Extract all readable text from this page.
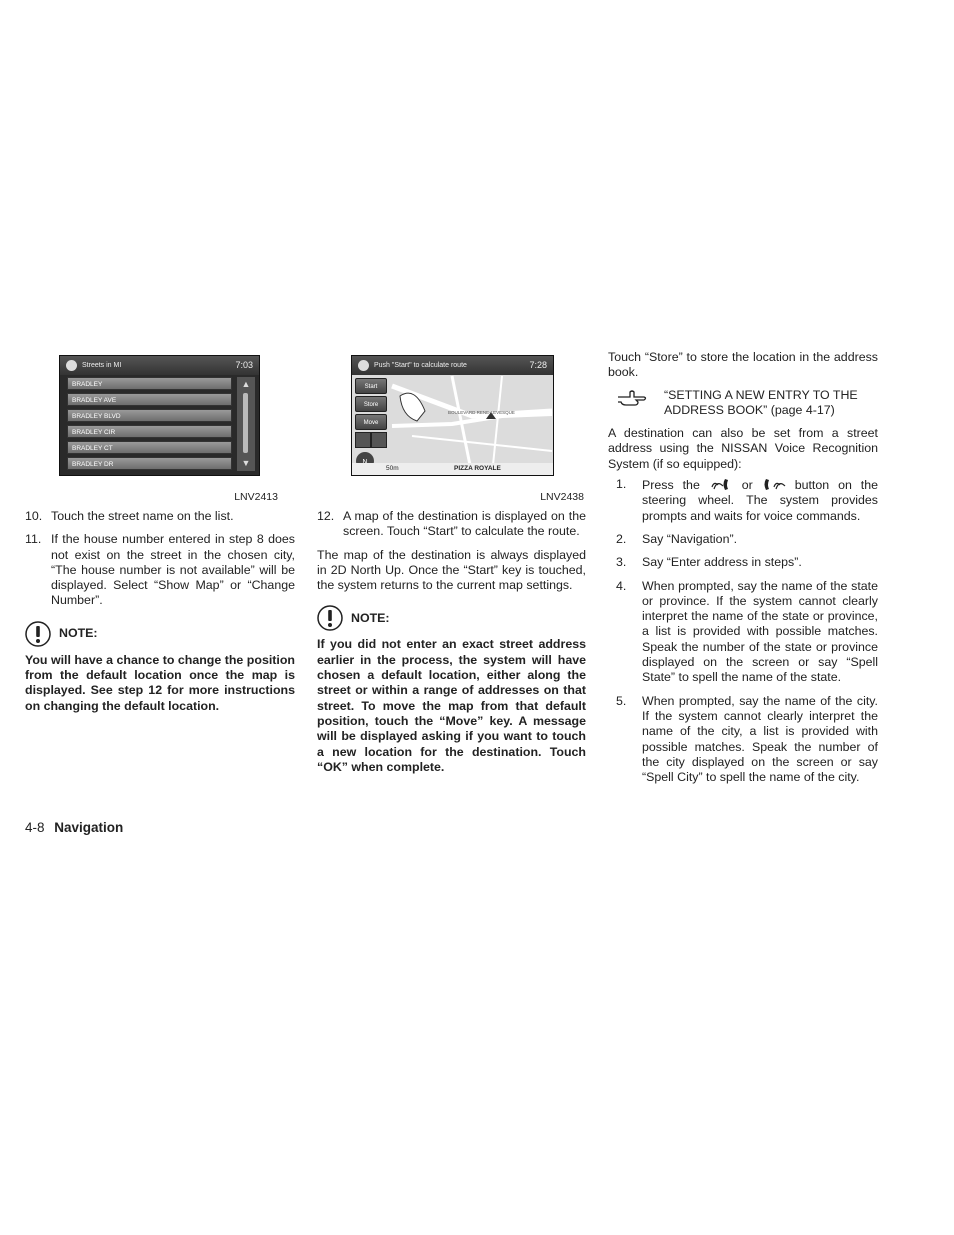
Streets in MI	7:03
BRADLEY
BRADLEY AVE
BRADLEY BLVD
BRADLEY CIR
BRADLEY CT
BRADLEY DR
▲
▼
LNV2413
Push "Start" to calculate route	7:28
Start
Store
Move
BOULEVARD RENE-LEVESQUE
50m	PIZZA ROYALE
LNV2438
10. Touch the street name on the list.
11. If the house number entered in step 8 does not exist on the street in the chosen city, “The house number is not available” will be displayed. Select “Show Map” or “Change Number”.
NOTE:
You will have a chance to change the position from the default location once the map is displayed. See step 12 for more instructions on changing the default location.
12. A map of the destination is displayed on the screen. Touch “Start” to calculate the route.

The map of the destination is always displayed in 2D North Up. Once the “Start” key is touched, the system returns to the current map settings.

NOTE:
If you did not enter an exact street address earlier in the process, the system will have chosen a default location, either along the street or within a range of addresses on that street. To move the map from that default position, touch the “Move” key. A message will be displayed asking if you want to touch a new location for the destination. Touch “OK” when complete.

Touch “Store” to store the location in the address book.

“SETTING A NEW ENTRY TO THE ADDRESS BOOK” (page 4-17)

A destination can also be set from a street address using the NISSAN Voice Recognition System (if so equipped):

1. Press the	or	button on the steering wheel. The system provides prompts and waits for voice commands.
2. Say “Navigation”.
3. Say “Enter address in steps”.
4. When prompted, say the name of the state or province. If the system cannot clearly interpret the name of the state or province, a list is provided with possible matches. Speak the number of the state or province displayed on the screen or say “Spell State” to spell the name of the state.
5. When prompted, say the name of the city. If the system cannot clearly interpret the name of the city, a list is provided with possible matches. Speak the number of the city displayed on the screen or say “Spell City” to spell the name of the city.
4-8 Navigation
